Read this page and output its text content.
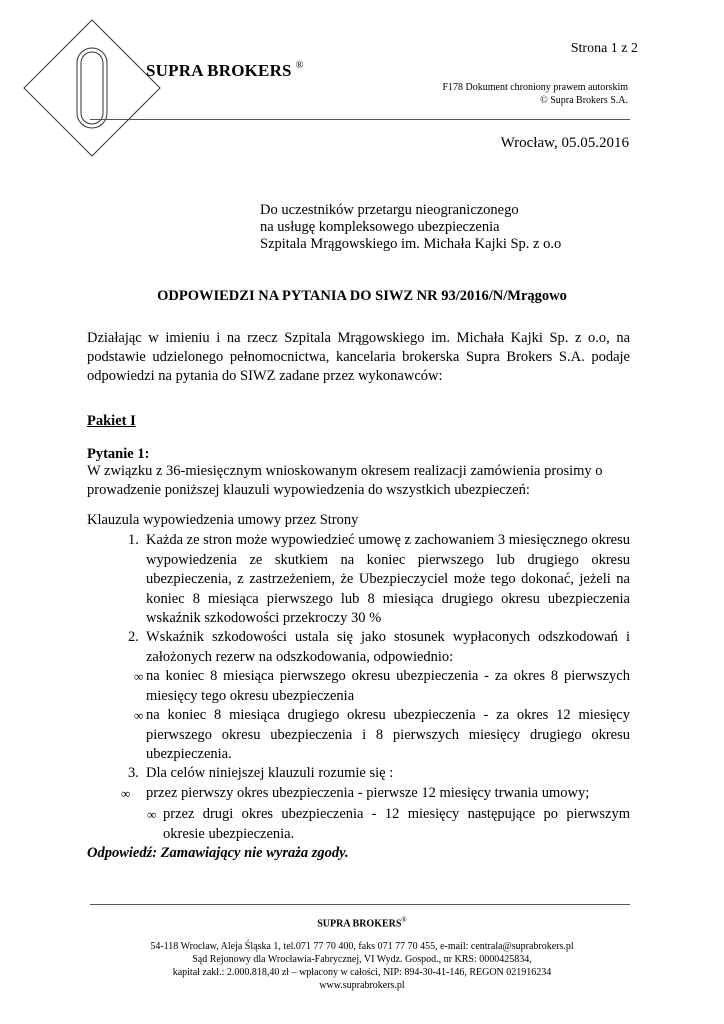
SUPRA BROKERS ®
Strona 1 z 2
F178 Dokument chroniony prawem autorskim
© Supra Brokers S.A.
Wrocław, 05.05.2016
Do uczestników przetargu nieograniczonego
na usługę kompleksowego ubezpieczenia
Szpitala Mrągowskiego im. Michała Kajki Sp. z o.o
ODPOWIEDZI NA PYTANIA DO SIWZ NR 93/2016/N/Mrągowo
Działając w imieniu i na rzecz Szpitala Mrągowskiego im. Michała Kajki Sp. z o.o, na podstawie udzielonego pełnomocnictwa, kancelaria brokerska Supra Brokers S.A. podaje odpowiedzi na pytania do SIWZ zadane przez wykonawców:
Pakiet I
Pytanie 1:
W związku z 36-miesięcznym wnioskowanym okresem realizacji zamówienia prosimy o prowadzenie poniższej klauzuli wypowiedzenia do wszystkich ubezpieczeń:
Klauzula wypowiedzenia umowy przez Strony
1. Każda ze stron może wypowiedzieć umowę z zachowaniem 3 miesięcznego okresu wypowiedzenia ze skutkiem na koniec pierwszego lub drugiego okresu ubezpieczenia, z zastrzeżeniem, że Ubezpieczyciel może tego dokonać, jeżeli na koniec 8 miesiąca pierwszego lub 8 miesiąca drugiego okresu ubezpieczenia wskaźnik szkodowości przekroczy 30 %
2. Wskaźnik szkodowości ustala się jako stosunek wypłaconych odszkodowań i założonych rezerw na odszkodowania, odpowiednio:
∞ na koniec 8 miesiąca pierwszego okresu ubezpieczenia - za okres 8 pierwszych miesięcy tego okresu ubezpieczenia
∞ na koniec 8 miesiąca drugiego okresu ubezpieczenia - za okres 12 miesięcy pierwszego okresu ubezpieczenia i 8 pierwszych miesięcy drugiego okresu ubezpieczenia.
3. Dla celów niniejszej klauzuli rozumie się :
∞ przez pierwszy okres ubezpieczenia - pierwsze 12 miesięcy trwania umowy;
∞ przez drugi okres ubezpieczenia - 12 miesięcy następujące po pierwszym okresie ubezpieczenia.
Odpowiedź: Zamawiający nie wyraża zgody.
SUPRA BROKERS®
54-118 Wrocław, Aleja Śląska 1, tel.071 77 70 400, faks 071 77 70 455, e-mail: centrala@suprabrokers.pl
Sąd Rejonowy dla Wrocławia-Fabrycznej, VI Wydz. Gospod., nr KRS: 0000425834,
kapitał zakł.: 2.000.818,40 zł – wpłacony w całości, NIP: 894-30-41-146, REGON 021916234
www.suprabrokers.pl
